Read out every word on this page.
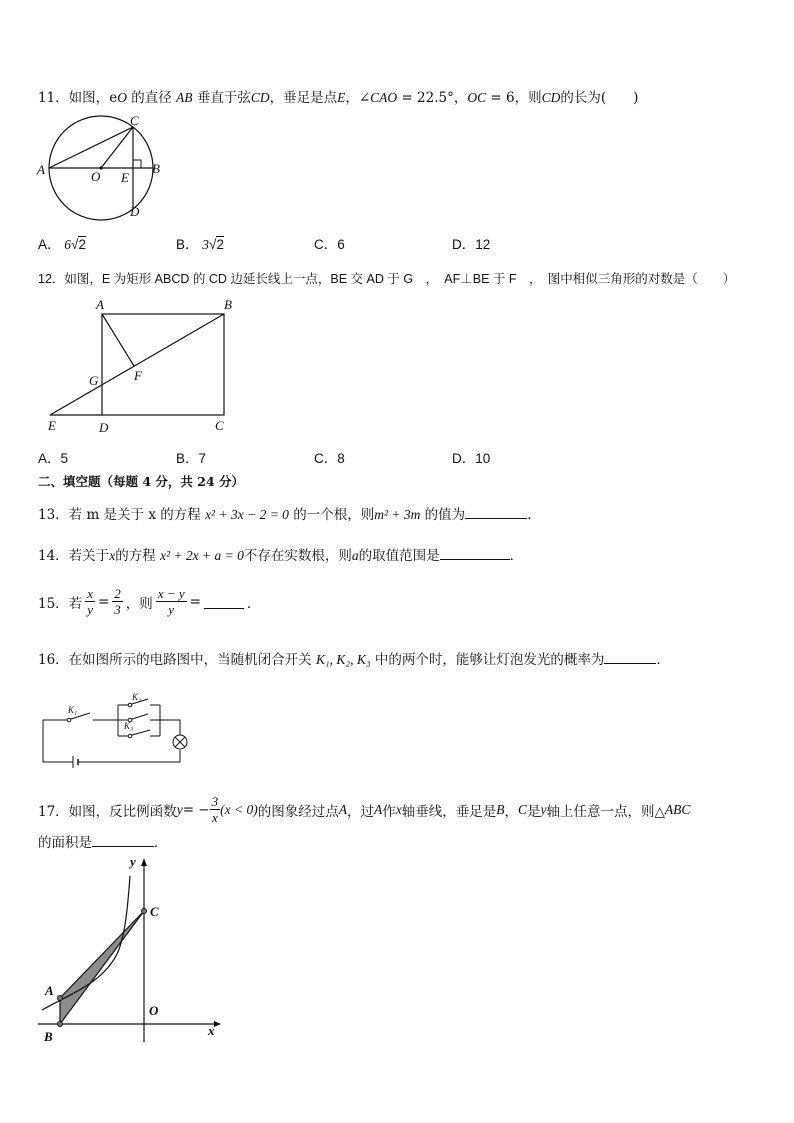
11．如图，eO 的直径 AB 垂直于弦CD，垂足是点E，∠CAO = 22.5°，OC = 6，则CD的长为(　　)
C
A	B
O E
D
A． 6√2	B． 3√2	C．6	D．12
12．如图，E 为矩形 ABCD 的 CD 边延长线上一点，BE 交 AD 于 G　，　AF⊥BE 于 F　，　图中相似三角形的对数是（　　）
A	B
G	F
E	D	C
A．5	B．7	C．8	D．10
二、填空题（每题 4 分，共 24 分）
13．若 m 是关于 x 的方程 x² + 3x − 2 = 0 的一个根，则m² + 3m 的值为	.
14．若关于x的方程 x² + 2x + a = 0不存在实数根，则a的取值范围是	．
15．若 $\frac{x}{y} = \frac{2}{3}$ ，则 $\frac{x - y}{y}$ =	．
16．在如图所示的电路图中，当随机闭合开关 K₁, K₂, K₃ 中的两个时，能够让灯泡发光的概率为	．
K₁
K₂
K₃
17．如图，反比例函数 y = − $\frac{3}{x} (x < 0)$ 的图象经过点 A ，过 A 作 x 轴垂线，垂足是 B ， C 是 y 轴上任意一点，则△ ABC
的面积是	．
y
x
C
A
O
B
